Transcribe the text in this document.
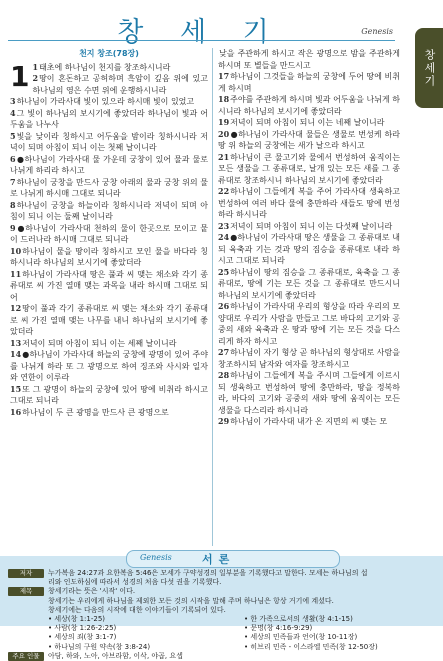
창 세 기	Genesis
창세기
천지 창조(78장)
1 1태초에 하나님이 천지를 창조하시니라

2땅이 혼돈하고 공허하며 흑암이 깊음 위에 있고 하나님의 영은 수면 위에 운행하시니라

3하나님이 가라사대 빛이 있으라 하시매 빛이 있었고

4그 빛이 하나님의 보시기에 좋았더라 하나님이 빛과 어두움을 나누사

5빛을 낮이라 칭하시고 어두움을 밤이라 칭하시니라 저녁이 되며 아침이 되니 이는 첫째 날이니라

6●하나님이 가라사대 물 가운데 궁창이 있어 물과 물로 나뉘게 하리라 하시고

7하나님이 궁창을 만드사 궁창 아래의 물과 궁창 위의 물로 나뉘게 하시매 그대로 되니라

8하나님이 궁창을 하늘이라 칭하시니라 저녁이 되며 아침이 되니 이는 둘째 날이니라

9●하나님이 가라사대 천하의 물이 한곳으로 모이고 뭍이 드러나라 하시매 그대로 되니라

10하나님이 뭍을 땅이라 칭하시고 모인 물을 바다라 칭하시니라 하나님의 보시기에 좋았더라

11하나님이 가라사대 땅은 풀과 씨 맺는 채소와 각기 종류대로 씨 가진 열매 맺는 과목을 내라 하시매 그대로 되어

12땅이 풀과 각기 종류대로 씨 맺는 채소와 각기 종류대로 씨 가진 열매 맺는 나무를 내니 하나님의 보시기에 좋았더라

13저녁이 되며 아침이 되니 이는 세째 날이니라

14●하나님이 가라사대 하늘의 궁창에 광명이 있어 주야를 나뉘게 하라 또 그 광명으로 하여 징조와 사시와 일자와 연한이 이루라

15또 그 광명이 하늘의 궁창에 있어 땅에 비취라 하시고 그대로 되니라

16하나님이 두 큰 광명을 만드사 큰 광명으로

낮을 주관하게 하시고 작은 광명으로 밤을 주관하게 하시며 또 별들을 만드시고

17하나님이 그것들을 하늘의 궁창에 두어 땅에 비취게 하시며

18주야를 주관하게 하시며 빛과 어두움을 나뉘게 하시니라 하나님의 보시기에 좋았더라

19저녁이 되며 아침이 되니 이는 네째 날이니라

20●하나님이 가라사대 물들은 생물로 번성케 하라 땅 위 하늘의 궁창에는 새가 날으라 하시고

21하나님이 큰 물고기와 물에서 번성하여 움직이는 모든 생물을 그 종류대로, 날개 있는 모든 새를 그 종류대로 창조하시니 하나님의 보시기에 좋았더라

22하나님이 그들에게 복을 주어 가라사대 생육하고 번성하여 여러 바다 물에 충만하라 새들도 땅에 번성하라 하시니라

23저녁이 되며 아침이 되니 이는 다섯째 날이니라

24●하나님이 가라사대 땅은 생물을 그 종류대로 내되 육축과 기는 것과 땅의 짐승을 종류대로 내라 하시고 그대로 되니라

25하나님이 땅의 짐승을 그 종류대로, 육축을 그 종류대로, 땅에 기는 모든 것을 그 종류대로 만드시니 하나님의 보시기에 좋았더라

26하나님이 가라사대 우리의 형상을 따라 우리의 모양대로 우리가 사람을 만들고 그로 바다의 고기와 공중의 새와 육축과 온 땅과 땅에 기는 모든 것을 다스리게 하자 하시고

27하나님이 자기 형상 곧 하나님의 형상대로 사람을 창조하시되 남자와 여자를 창조하시고

28하나님이 그들에게 복을 주시며 그들에게 이르시되 생육하고 번성하여 땅에 충만하라, 땅을 정복하라, 바다의 고기와 공중의 새와 땅에 움직이는 모든 생물을 다스리라 하시니라

29하나님이 가라사대 내가 온 지면의 씨 맺는 모

Genesis	서론
저자	누가복음 24:27과 요한복음 5:46은 모세가 구약성경의 일부분을 기록했다고 말한다. 모세는 하나님의 섭
리와 인도하심에 따라서 성경의 처음 다섯 권을 기록했다.
제목	창세기라는 뜻은 '시작' 이다.
창세기는 우리에게 하나님을 제외한 모든 것의 시작을 말해 주며 하나님은 항상 거기에 계셨다.
창세기에는 다음의 시작에 대한 이야기들이 기록되어 있다.
• 세상(창 1:1-25)
• 사람(창 1:26-2:25)
• 세상의 죄(창 3:1-7)
• 하나님의 구원 약속(창 3:8-24)
• 한 가족으로서의 생활(창 4:1-15)
• 문명(창 4:16-9:29)
• 세상의 민족들과 언어(창 10-11장)
• 히브리 민족 - 이스라엘 민족(창 12-50장)
주요 인물	아담, 하와, 노아, 아브라함, 이삭, 야곱, 요셉
